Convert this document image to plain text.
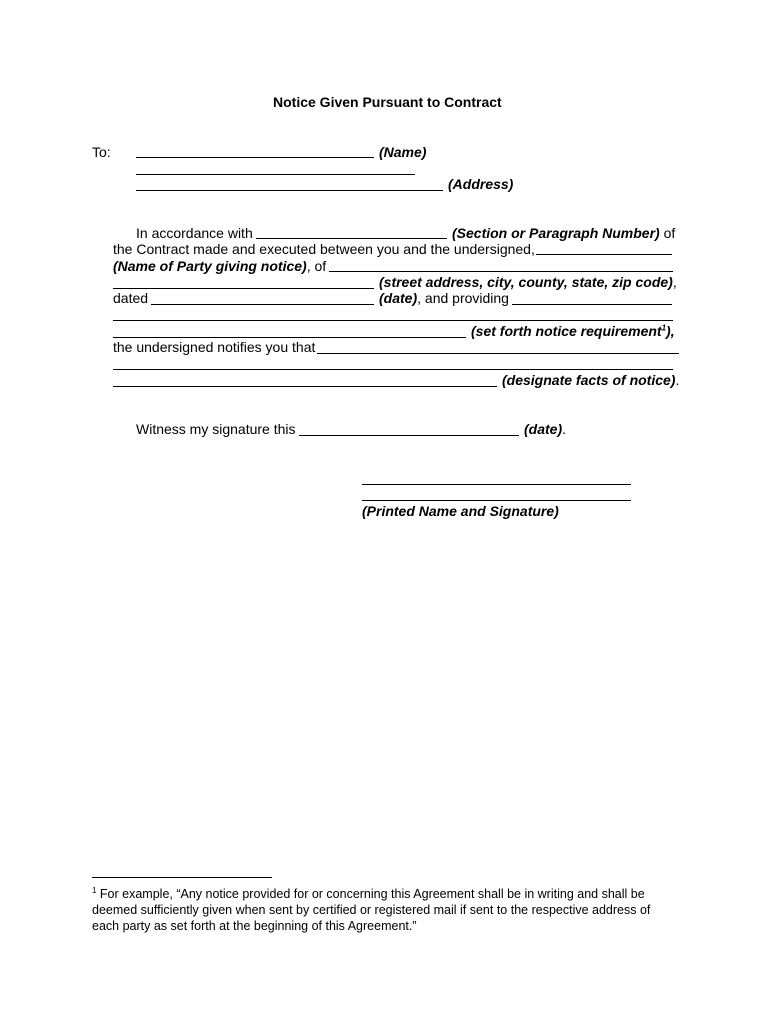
Notice Given Pursuant to Contract
To:	(Name)
(Address)
In accordance with	(Section or Paragraph Number) of
the Contract made and executed between you and the undersigned,
(Name of Party giving notice), of
(street address, city, county, state, zip code),
dated	(date), and providing
(set forth notice requirement$^1$),
the undersigned notifies you that
(designate facts of notice).
Witness my signature this	(date).
(Printed Name and Signature)
$^1$ For example, “Any notice provided for or concerning this Agreement shall be in writing and shall be deemed sufficiently given when sent by certified or registered mail if sent to the respective address of each party as set forth at the beginning of this Agreement.”
